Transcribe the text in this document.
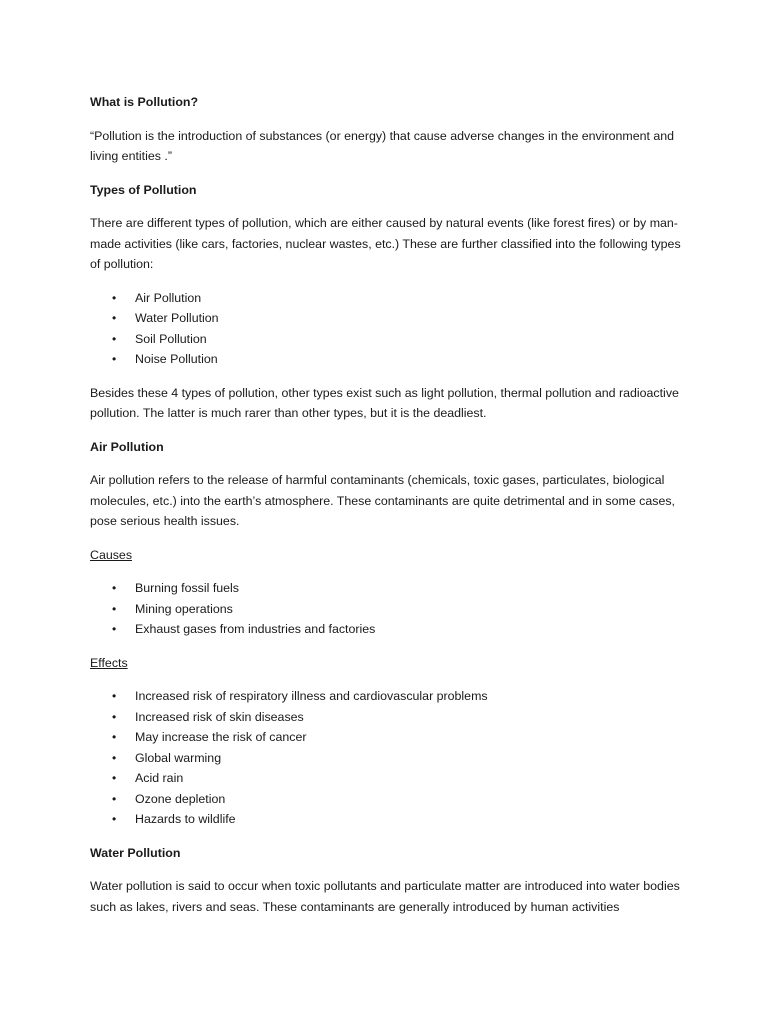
What is Pollution?

“Pollution is the introduction of substances (or energy) that cause adverse changes in the environment and living entities .”

Types of Pollution

There are different types of pollution, which are either caused by natural events (like forest fires) or by man-made activities (like cars, factories, nuclear wastes, etc.) These are further classified into the following types of pollution:

• Air Pollution
• Water Pollution
• Soil Pollution
• Noise Pollution

Besides these 4 types of pollution, other types exist such as light pollution, thermal pollution and radioactive pollution. The latter is much rarer than other types, but it is the deadliest.

Air Pollution

Air pollution refers to the release of harmful contaminants (chemicals, toxic gases, particulates, biological molecules, etc.) into the earth’s atmosphere. These contaminants are quite detrimental and in some cases, pose serious health issues.

Causes

• Burning fossil fuels
• Mining operations
• Exhaust gases from industries and factories

Effects

• Increased risk of respiratory illness and cardiovascular problems
• Increased risk of skin diseases
• May increase the risk of cancer
• Global warming
• Acid rain
• Ozone depletion
• Hazards to wildlife

Water Pollution

Water pollution is said to occur when toxic pollutants and particulate matter are introduced into water bodies such as lakes, rivers and seas. These contaminants are generally introduced by human activities
